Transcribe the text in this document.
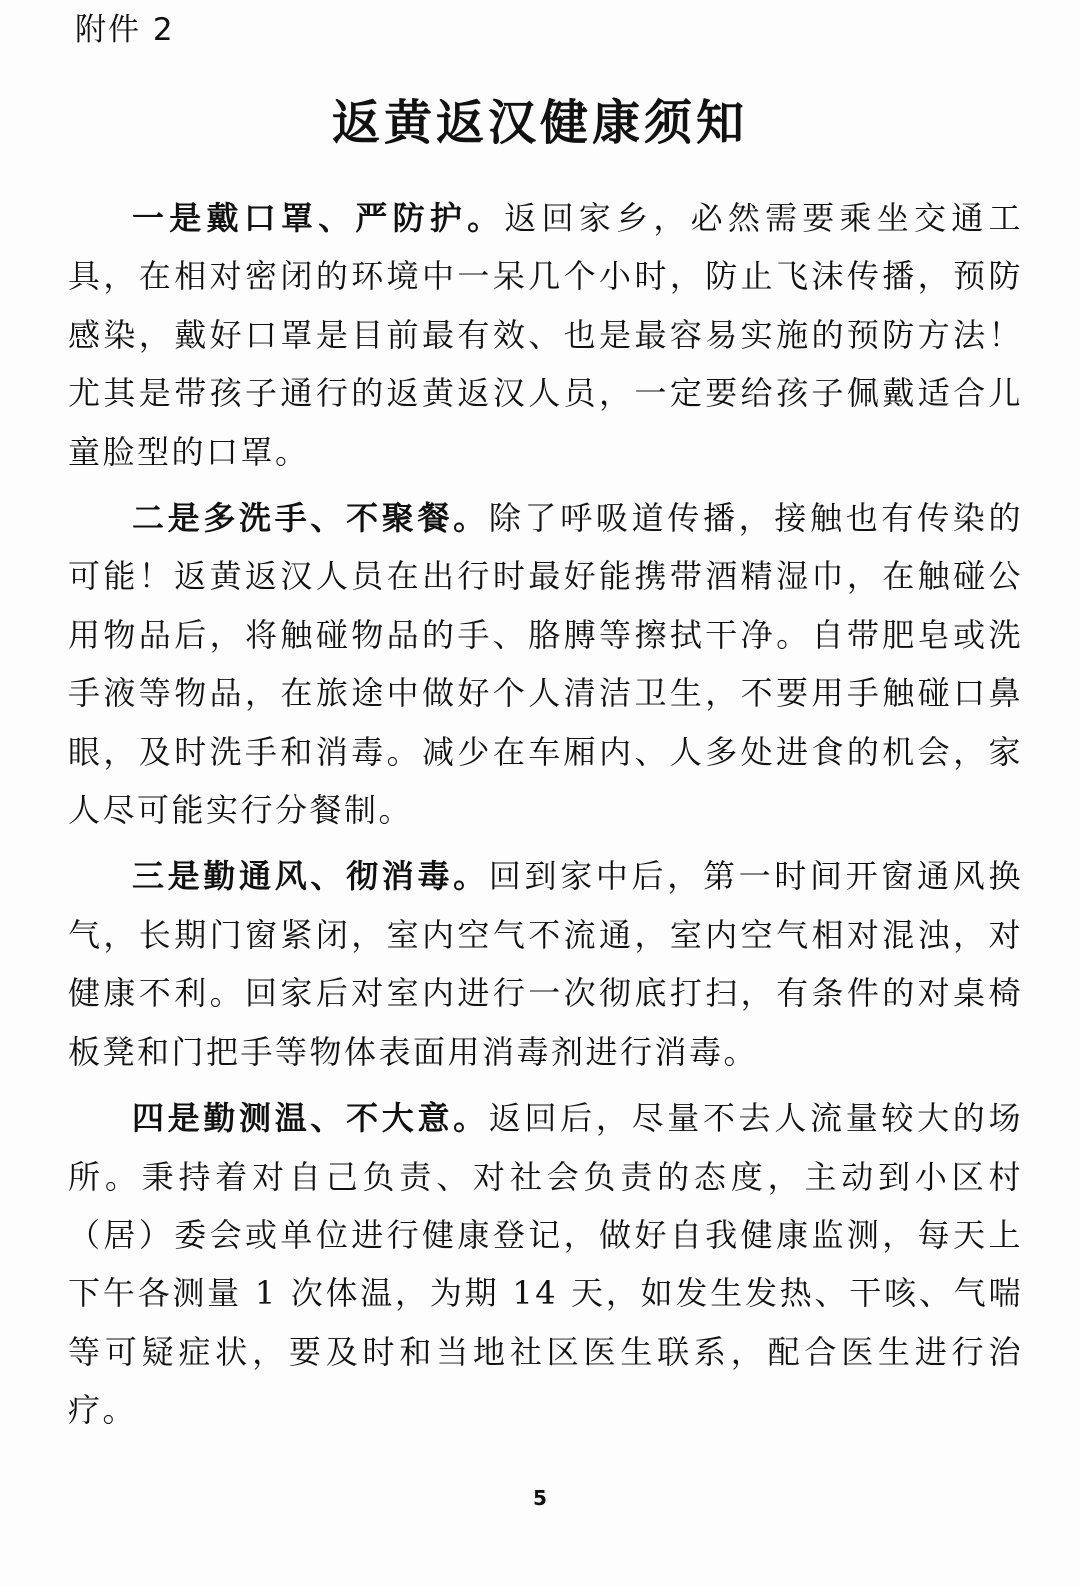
附件 2
返黄返汉健康须知

一是戴口罩、严防护。返回家乡，必然需要乘坐交通工具，在相对密闭的环境中一呆几个小时，防止飞沫传播，预防感染，戴好口罩是目前最有效、也是最容易实施的预防方法！尤其是带孩子通行的返黄返汉人员，一定要给孩子佩戴适合儿童脸型的口罩。

二是多洗手、不聚餐。除了呼吸道传播，接触也有传染的可能！返黄返汉人员在出行时最好能携带酒精湿巾，在触碰公用物品后，将触碰物品的手、胳膊等擦拭干净。自带肥皂或洗手液等物品，在旅途中做好个人清洁卫生，不要用手触碰口鼻眼，及时洗手和消毒。减少在车厢内、人多处进食的机会，家人尽可能实行分餐制。

三是勤通风、彻消毒。回到家中后，第一时间开窗通风换气，长期门窗紧闭，室内空气不流通，室内空气相对混浊，对健康不利。回家后对室内进行一次彻底打扫，有条件的对桌椅板凳和门把手等物体表面用消毒剂进行消毒。

四是勤测温、不大意。返回后，尽量不去人流量较大的场所。秉持着对自己负责、对社会负责的态度，主动到小区村（居）委会或单位进行健康登记，做好自我健康监测，每天上下午各测量 1 次体温，为期 14 天，如发生发热、干咳、气喘等可疑症状，要及时和当地社区医生联系，配合医生进行治疗。

5
